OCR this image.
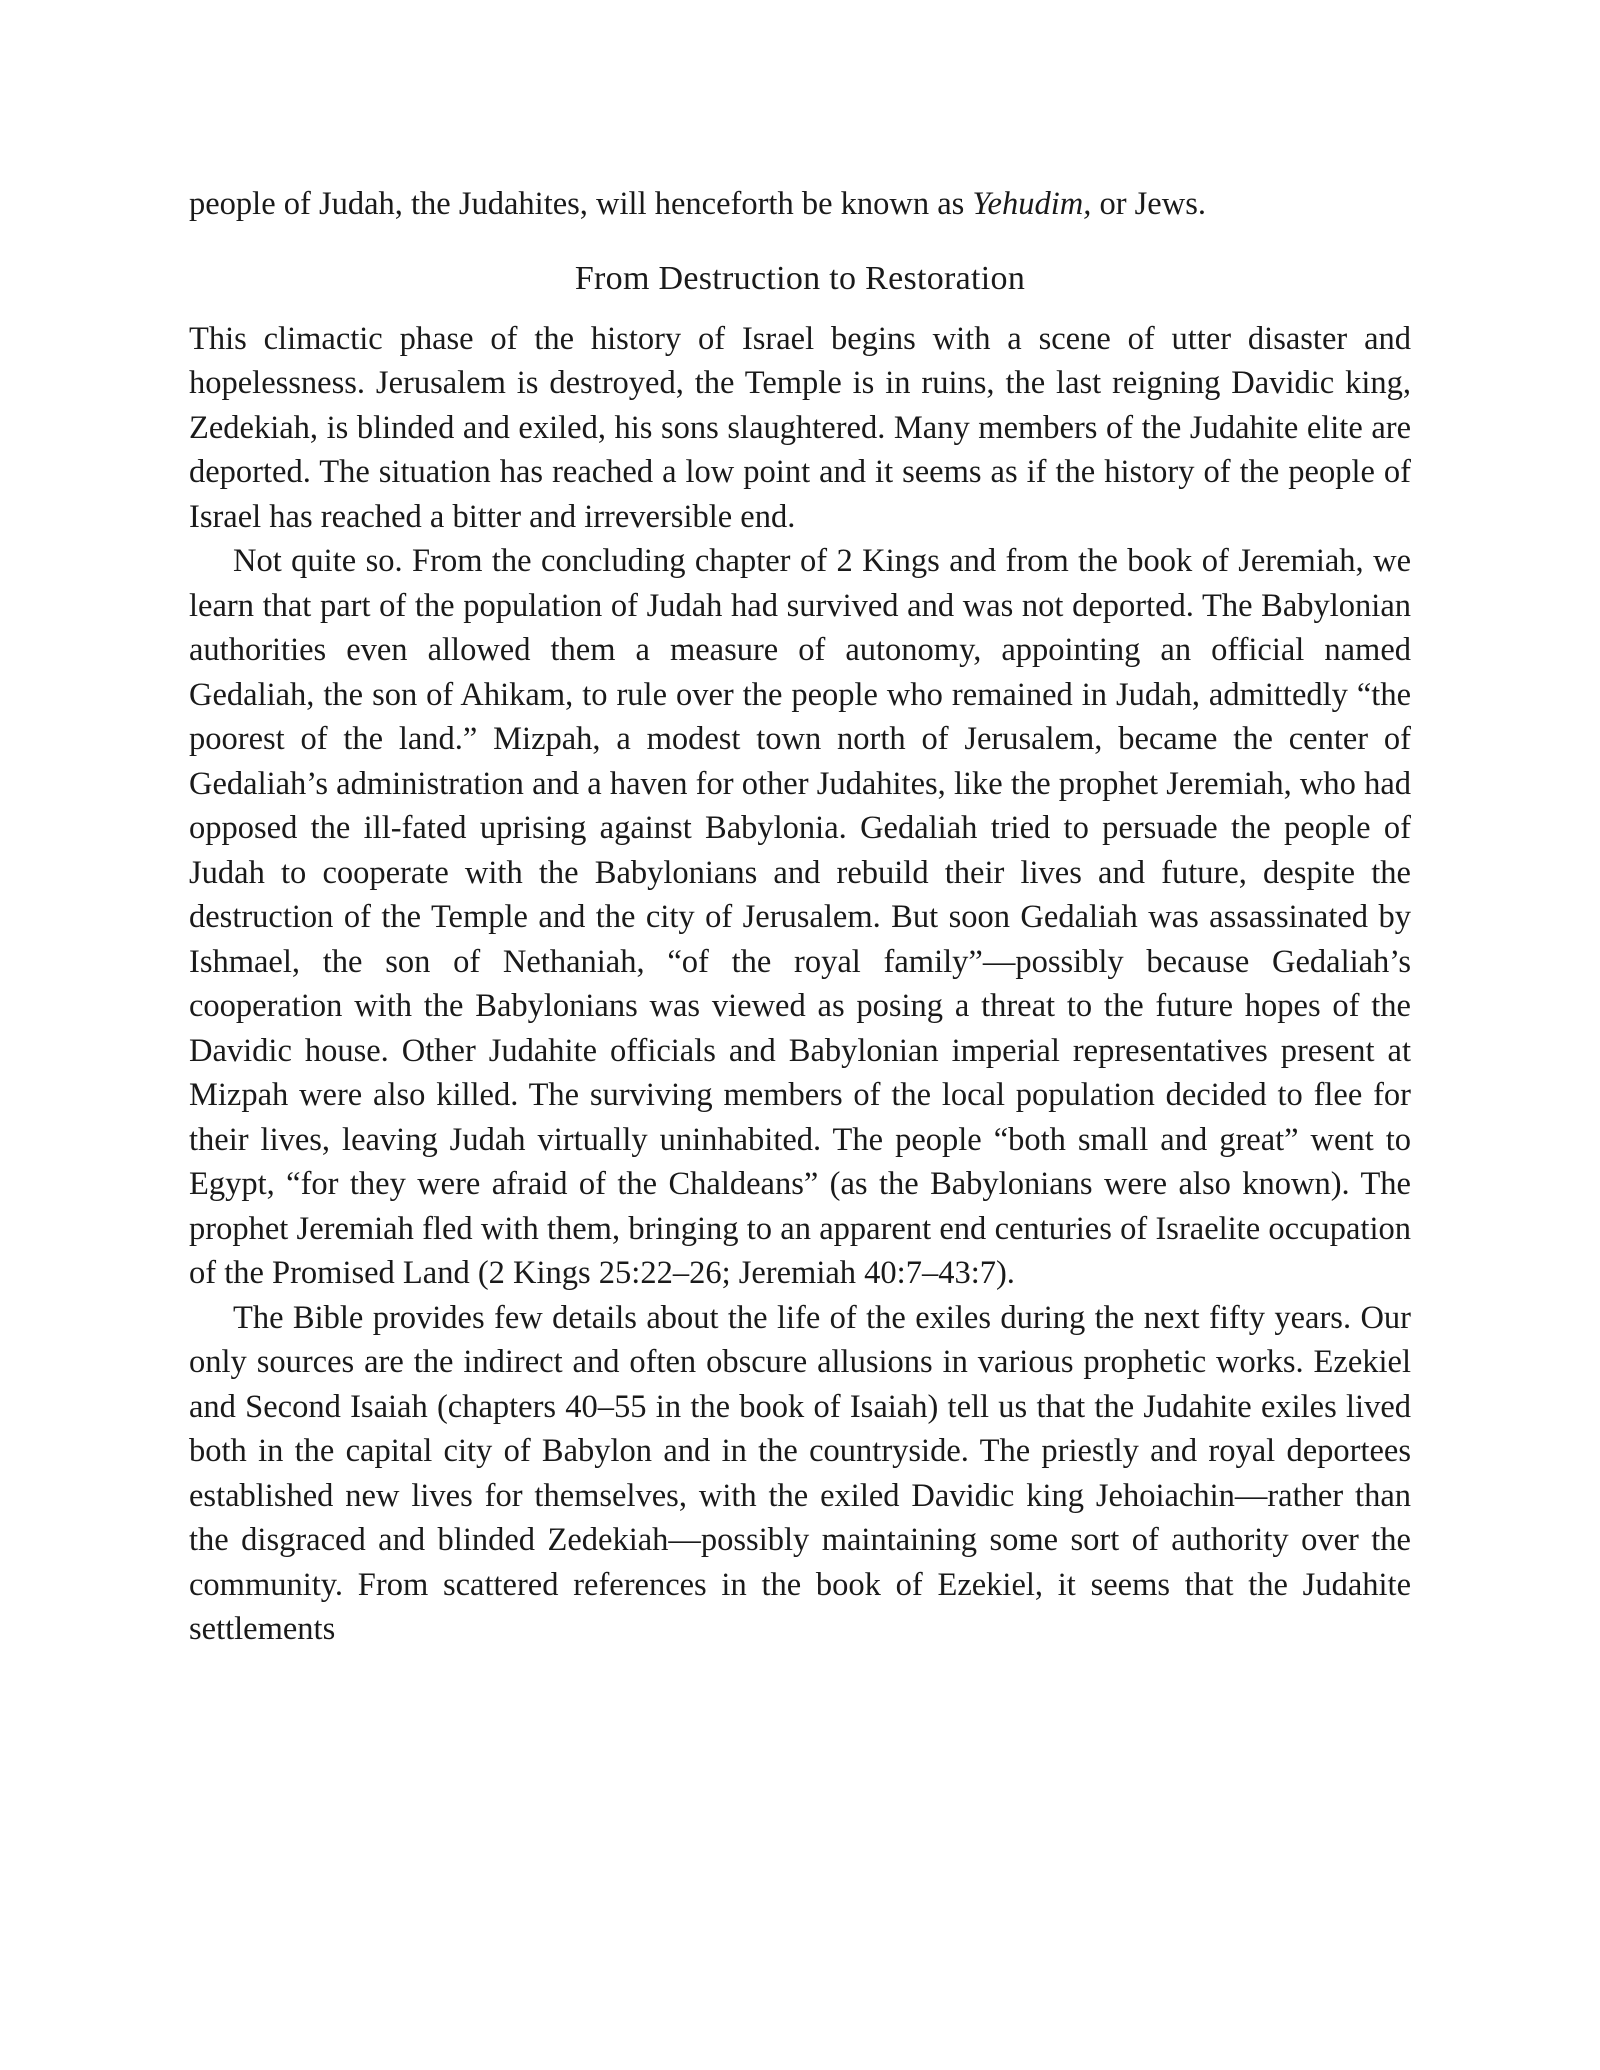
people of Judah, the Judahites, will henceforth be known as Yehudim, or Jews.

From Destruction to Restoration

This climactic phase of the history of Israel begins with a scene of utter disaster and hopelessness. Jerusalem is destroyed, the Temple is in ruins, the last reigning Davidic king, Zedekiah, is blinded and exiled, his sons slaughtered. Many members of the Judahite elite are deported. The situation has reached a low point and it seems as if the history of the people of Israel has reached a bitter and irreversible end.

Not quite so. From the concluding chapter of 2 Kings and from the book of Jeremiah, we learn that part of the population of Judah had survived and was not deported. The Babylonian authorities even allowed them a measure of autonomy, appointing an official named Gedaliah, the son of Ahikam, to rule over the people who remained in Judah, admittedly “the poorest of the land.” Mizpah, a modest town north of Jerusalem, became the center of Gedaliah’s administration and a haven for other Judahites, like the prophet Jeremiah, who had opposed the ill-fated uprising against Babylonia. Gedaliah tried to persuade the people of Judah to cooperate with the Babylonians and rebuild their lives and future, despite the destruction of the Temple and the city of Jerusalem. But soon Gedaliah was assassinated by Ishmael, the son of Nethaniah, “of the royal family”—possibly because Gedaliah’s cooperation with the Babylonians was viewed as posing a threat to the future hopes of the Davidic house. Other Judahite officials and Babylonian imperial representatives present at Mizpah were also killed. The surviving members of the local population decided to flee for their lives, leaving Judah virtually uninhabited. The people “both small and great” went to Egypt, “for they were afraid of the Chaldeans” (as the Babylonians were also known). The prophet Jeremiah fled with them, bringing to an apparent end centuries of Israelite occupation of the Promised Land (2 Kings 25:22–26; Jeremiah 40:7–43:7).

The Bible provides few details about the life of the exiles during the next fifty years. Our only sources are the indirect and often obscure allusions in various prophetic works. Ezekiel and Second Isaiah (chapters 40–55 in the book of Isaiah) tell us that the Judahite exiles lived both in the capital city of Babylon and in the countryside. The priestly and royal deportees established new lives for themselves, with the exiled Davidic king Jehoiachin—rather than the disgraced and blinded Zedekiah—possibly maintaining some sort of authority over the community. From scattered references in the book of Ezekiel, it seems that the Judahite settlements
